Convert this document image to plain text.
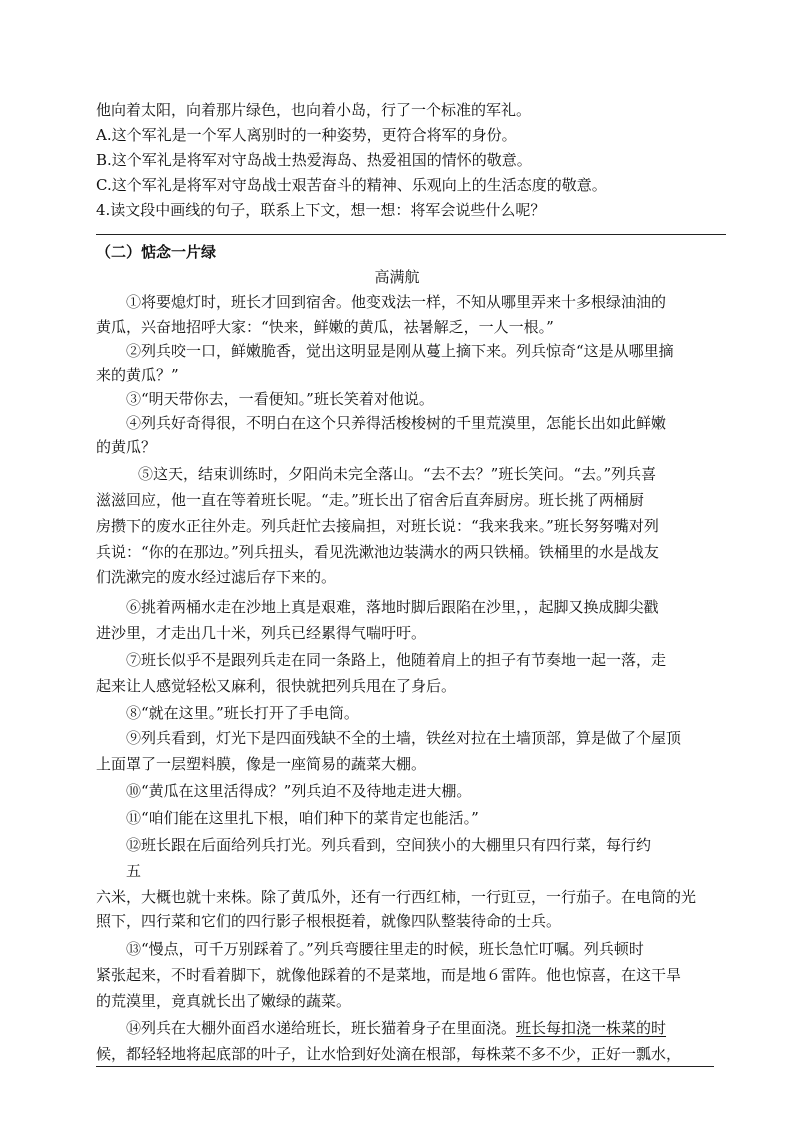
他向着太阳，向着那片绿色，也向着小岛，行了一个标准的军礼。
A.这个军礼是一个军人离别时的一种姿势，更符合将军的身份。
B.这个军礼是将军对守岛战士热爱海岛、热爱祖国的情怀的敬意。
C.这个军礼是将军对守岛战士艰苦奋斗的精神、乐观向上的生活态度的敬意。
4.读文段中画线的句子，联系上下文，想一想：将军会说些什么呢？
（二）惦念一片绿
高满航
①将要熄灯时，班长才回到宿舍。他变戏法一样，不知从哪里弄来十多根绿油油的
黄瓜，兴奋地招呼大家：“快来，鲜嫩的黄瓜，祛暑解乏，一人一根。”
②列兵咬一口，鲜嫩脆香，觉出这明显是刚从蔓上摘下来。列兵惊奇“这是从哪里摘
来的黄瓜？”
③“明天带你去，一看便知。”班长笑着对他说。
④列兵好奇得很，不明白在这个只养得活梭梭树的千里荒漠里，怎能长出如此鲜嫩
的黄瓜？
⑤这天，结束训练时，夕阳尚未完全落山。“去不去？”班长笑问。“去。”列兵喜
滋滋回应，他一直在等着班长呢。“走。”班长出了宿舍后直奔厨房。班长挑了两桶厨
房攒下的废水正往外走。列兵赶忙去接扁担，对班长说：“我来我来。”班长努努嘴对列
兵说：“你的在那边。”列兵扭头，看见洗漱池边装满水的两只铁桶。铁桶里的水是战友
们洗漱完的废水经过滤后存下来的。
⑥挑着两桶水走在沙地上真是艰难，落地时脚后跟陷在沙里，，起脚又换成脚尖戳
进沙里，才走出几十米，列兵已经累得气喘吁吁。
⑦班长似乎不是跟列兵走在同一条路上，他随着肩上的担子有节奏地一起一落，走
起来让人感觉轻松又麻利，很快就把列兵甩在了身后。
⑧“就在这里。”班长打开了手电筒。
⑨列兵看到，灯光下是四面残缺不全的土墙，铁丝对拉在土墙顶部，算是做了个屋顶
上面罩了一层塑料膜，像是一座简易的蔬菜大棚。
⑩“黄瓜在这里活得成？”列兵迫不及待地走进大棚。
⑪“咱们能在这里扎下根，咱们种下的菜肯定也能活。”
⑫班长跟在后面给列兵打光。列兵看到，空间狭小的大棚里只有四行菜，每行约
五
六米，大概也就十来株。除了黄瓜外，还有一行西红柿，一行豇豆，一行茄子。在电筒的光
照下，四行菜和它们的四行影子根根挺着，就像四队整装待命的士兵。
⑬“慢点，可千万别踩着了。”列兵弯腰往里走的时候，班长急忙叮嘱。列兵顿时
紧张起来，不时看着脚下，就像他踩着的不是菜地，而是地６雷阵。他也惊喜，在这干旱
的荒漠里，竟真就长出了嫩绿的蔬菜。
⑭列兵在大棚外面舀水递给班长，班长猫着身子在里面浇。班长每扣浇一株菜的时
候，都轻轻地将起底部的叶子，让水恰到好处滴在根部，每株菜不多不少，正好一瓢水，
